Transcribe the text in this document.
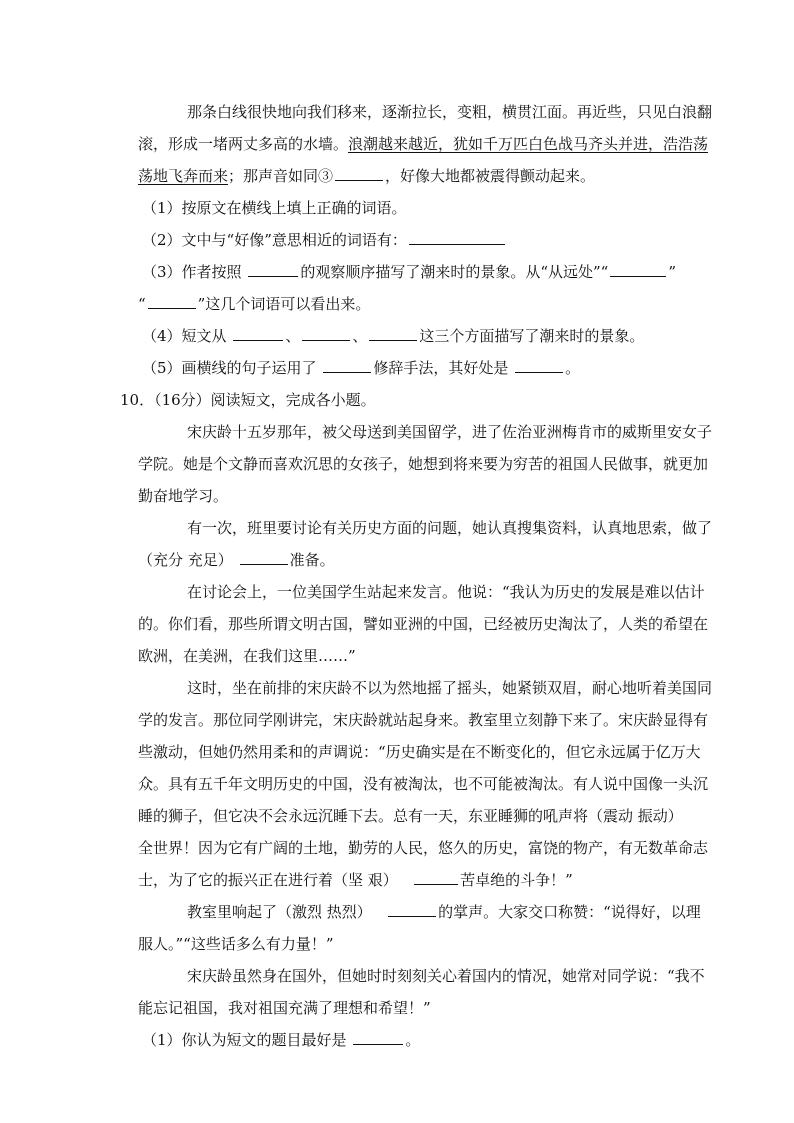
那条白线很快地向我们移来，逐渐拉长，变粗，横贯江面。再近些，只见白浪翻
滚，形成一堵两丈多高的水墙。浪潮越来越近，犹如千万匹白色战马齐头并进，浩浩荡
荡地飞奔而来；那声音如同③	，好像大地都被震得颤动起来。
（1）按原文在横线上填上正确的词语。
（2）文中与“好像”意思相近的词语有：
（3）作者按照	的观察顺序描写了潮来时的景象。从“从远处”“	”
“	”这几个词语可以看出来。
（4）短文从	、	、	这三个方面描写了潮来时的景象。
（5）画横线的句子运用了	修辞手法，其好处是	。
10．（16分）阅读短文，完成各小题。
宋庆龄十五岁那年，被父母送到美国留学，进了佐治亚洲梅肯市的威斯里安女子
学院。她是个文静而喜欢沉思的女孩子，她想到将来要为穷苦的祖国人民做事，就更加
勤奋地学习。
有一次，班里要讨论有关历史方面的问题，她认真搜集资料，认真地思索，做了
（充分 充足）	准备。
在讨论会上，一位美国学生站起来发言。他说：“我认为历史的发展是难以估计
的。你们看，那些所谓文明古国，譬如亚洲的中国，已经被历史淘汰了，人类的希望在
欧洲，在美洲，在我们这里……”
这时，坐在前排的宋庆龄不以为然地摇了摇头，她紧锁双眉，耐心地听着美国同
学的发言。那位同学刚讲完，宋庆龄就站起身来。教室里立刻静下来了。宋庆龄显得有
些激动，但她仍然用柔和的声调说：“历史确实是在不断变化的，但它永远属于亿万大
众。具有五千年文明历史的中国，没有被淘汰，也不可能被淘汰。有人说中国像一头沉
睡的狮子，但它决不会永远沉睡下去。总有一天，东亚睡狮的吼声将（震动 振动）
全世界！因为它有广阔的土地，勤劳的人民，悠久的历史，富饶的物产，有无数革命志
士，为了它的振兴正在进行着（坚 艰）	苦卓绝的斗争！”
教室里响起了（激烈 热烈）	的掌声。大家交口称赞：“说得好，以理
服人。”“这些话多么有力量！”
宋庆龄虽然身在国外，但她时时刻刻关心着国内的情况，她常对同学说：“我不
能忘记祖国，我对祖国充满了理想和希望！”
（1）你认为短文的题目最好是	。
